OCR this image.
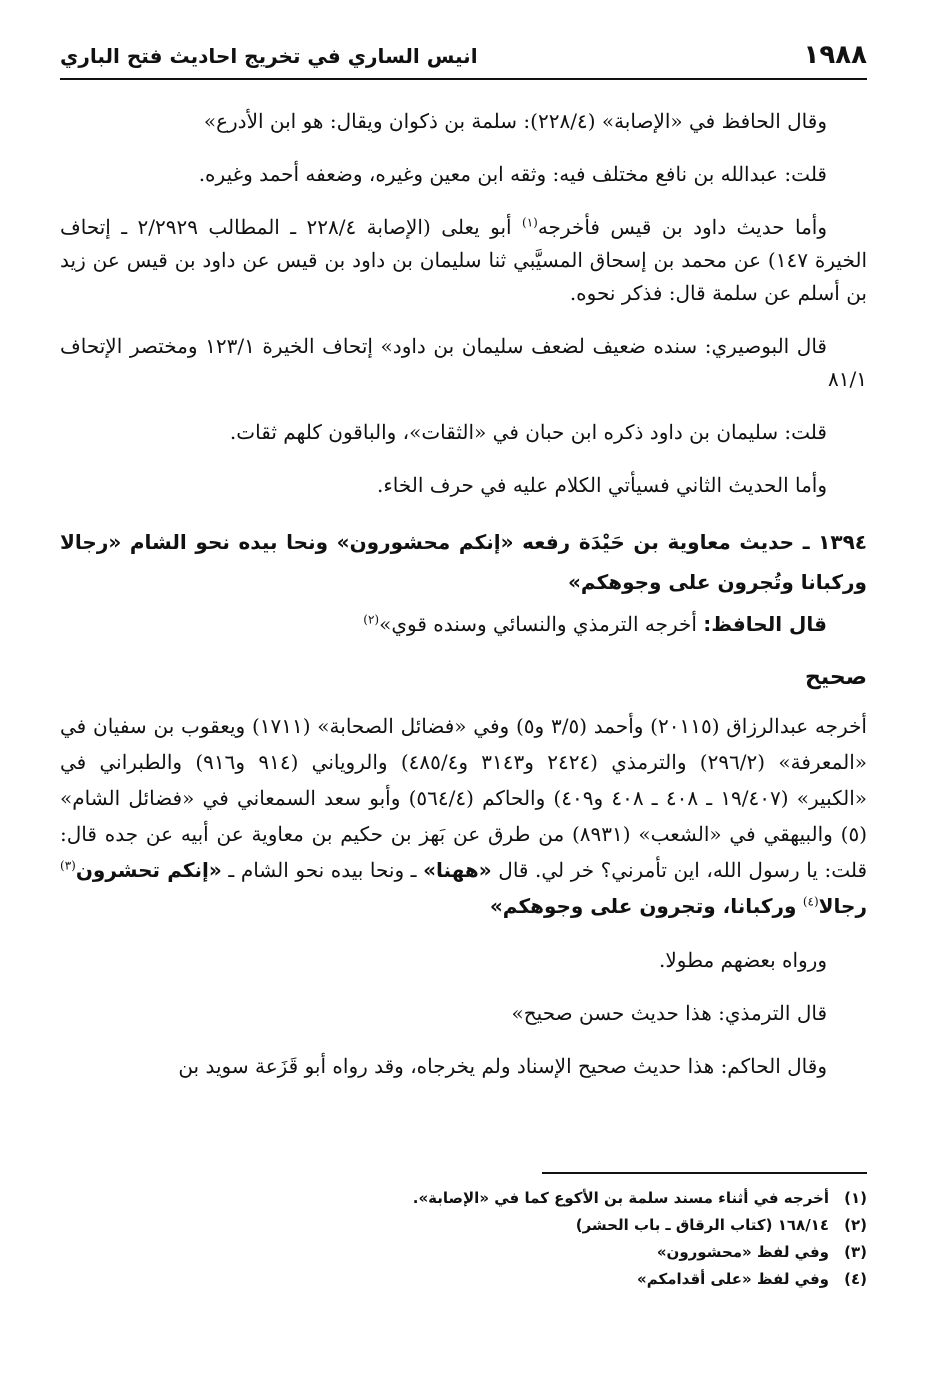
١٩٨٨
انيس الساري في تخريج احاديث فتح الباري

وقال الحافظ في «الإصابة» (٢٢٨/٤): سلمة بن ذكوان ويقال: هو ابن الأدرع»

قلت: عبدالله بن نافع مختلف فيه: وثقه ابن معين وغيره، وضعفه أحمد وغيره.

وأما حديث داود بن قيس فأخرجه$^{(١)}$ أبو يعلى (الإصابة ٢٢٨/٤ ـ المطالب ٢/٢٩٢٩ ـ إتحاف الخيرة ١٤٧) عن محمد بن إسحاق المسيَّبي ثنا سليمان بن داود بن قيس عن داود بن قيس عن زيد بن أسلم عن سلمة قال: فذكر نحوه.

قال البوصيري: سنده ضعيف لضعف سليمان بن داود» إتحاف الخيرة ١٢٣/١ ومختصر الإتحاف ٨١/١

قلت: سليمان بن داود ذكره ابن حبان في «الثقات»، والباقون كلهم ثقات.

وأما الحديث الثاني فسيأتي الكلام عليه في حرف الخاء.

١٣٩٤ ـ حديث معاوية بن حَيْدَة رفعه «إنكم محشورون» ونحا بيده نحو الشام «رجالا وركبانا وتُجرون على وجوهكم»

قال الحافظ: أخرجه الترمذي والنسائي وسنده قوي»$^{(٢)}$

صحيح

أخرجه عبدالرزاق (٢٠١١٥) وأحمد (٣/٥ و٥) وفي «فضائل الصحابة» (١٧١١) ويعقوب بن سفيان في «المعرفة» (٢٩٦/٢) والترمذي (٢٤٢٤ و٣١٤٣ و٤٨٥/٤) والروياني (٩١٤ و٩١٦) والطبراني في «الكبير» (١٩/٤٠٧ ـ ٤٠٨ ـ ٤٠٨ و٤٠٩) والحاكم (٥٦٤/٤) وأبو سعد السمعاني في «فضائل الشام» (٥) والبيهقي في «الشعب» (٨٩٣١) من طرق عن بَهز بن حكيم بن معاوية عن أبيه عن جده قال: قلت: يا رسول الله، اين تأمرني؟ خر لي. قال «ههنا» ـ ونحا بيده نحو الشام ـ «إنكم تحشرون$^{(٣)}$ رجالا$^{(٤)}$ وركبانا، وتجرون على وجوهكم»

ورواه بعضهم مطولا.

قال الترمذي: هذا حديث حسن صحيح»

وقال الحاكم: هذا حديث صحيح الإسناد ولم يخرجاه، وقد رواه أبو قَزَعة سويد بن

(١)
أخرجه في أثناء مسند سلمة بن الأكوع كما في «الإصابة».
(٢)
١٦٨/١٤ (كتاب الرقاق ـ باب الحشر)
(٣)
وفي لفظ «محشورون»
(٤)
وفي لفظ «على أقدامكم»
